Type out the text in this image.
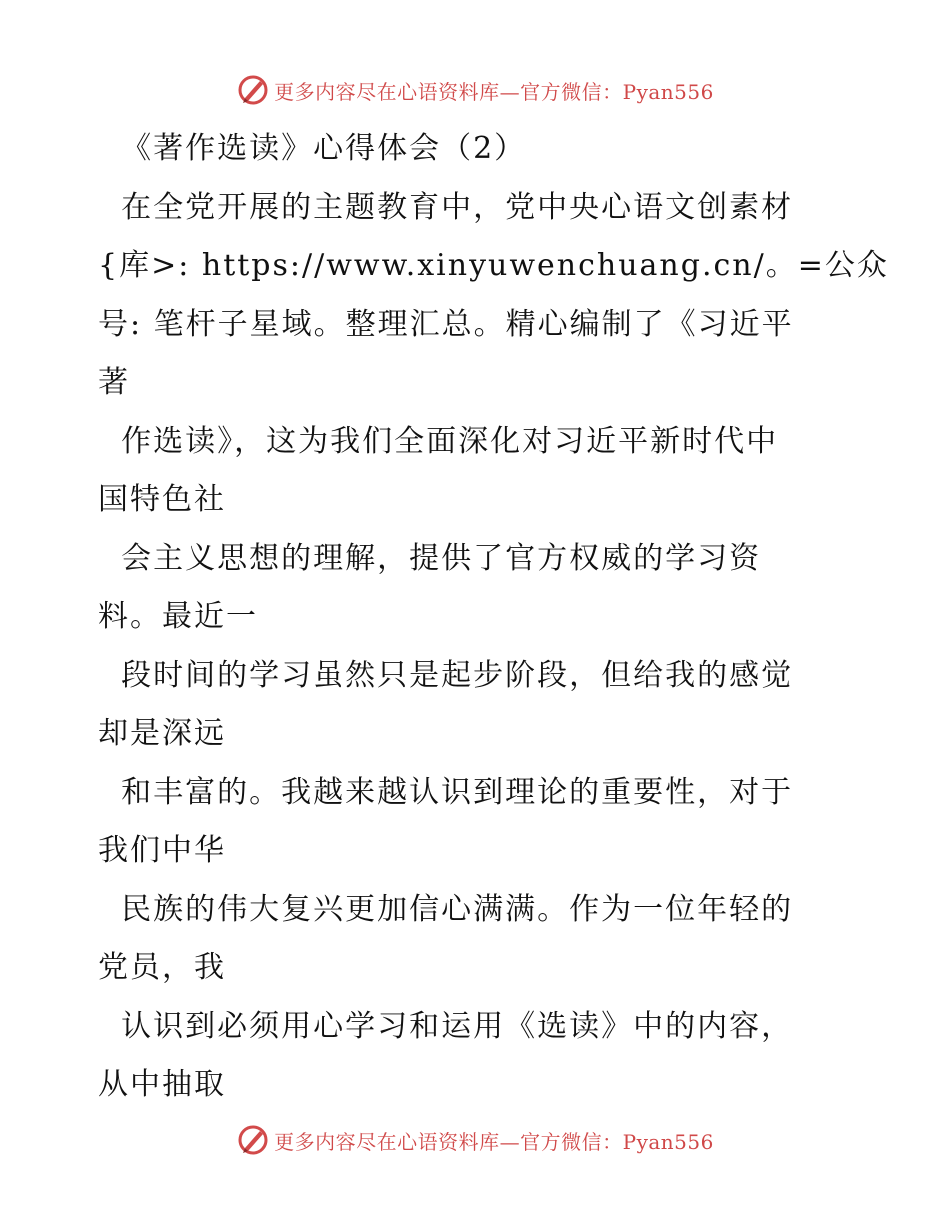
更多内容尽在心语资料库—官方微信：Pyan556
《著作选读》心得体会（2）
在全党开展的主题教育中，党中央心语文创素材
{库>: https://www.xinyuwenchuang.cn/。=公众
号: 笔杆子星域。整理汇总。精心编制了《习近平
著
作选读》，这为我们全面深化对习近平新时代中
国特色社
会主义思想的理解，提供了官方权威的学习资
料。最近一
段时间的学习虽然只是起步阶段，但给我的感觉
却是深远
和丰富的。我越来越认识到理论的重要性，对于
我们中华
民族的伟大复兴更加信心满满。作为一位年轻的
党员，我
认识到必须用心学习和运用《选读》中的内容，
从中抽取
更多内容尽在心语资料库—官方微信：Pyan556
